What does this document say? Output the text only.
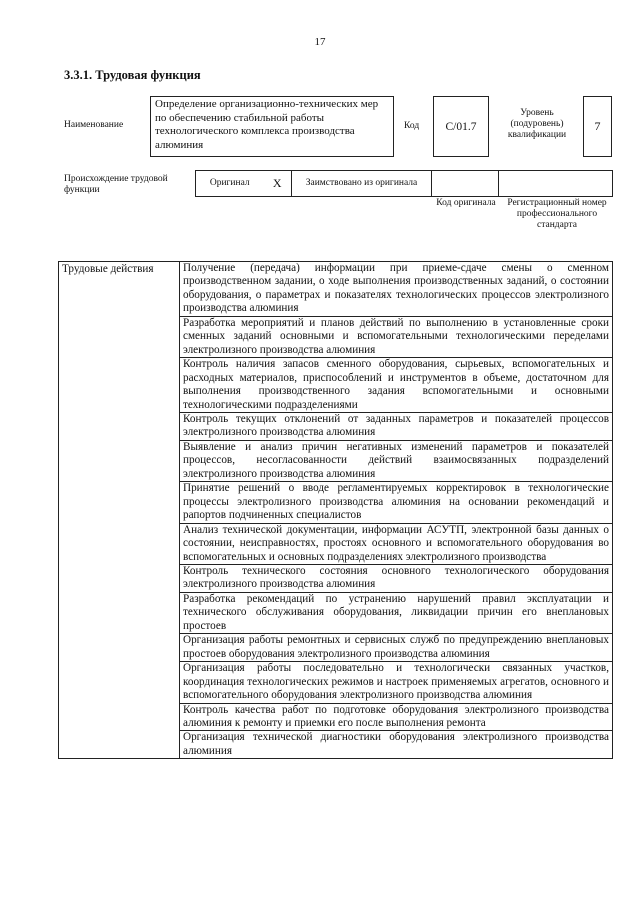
17
3.3.1. Трудовая функция
Наименование
Определение организационно-технических мер по обеспечению стабильной работы технологического комплекса производства алюминия
Код	С/01.7
Уровень (подуровень) квалификации
7
Происхождение трудовой функции
Оригинал	X	Заимствовано из оригинала		
Код оригинала	Регистрационный номер профессионального стандарта
Трудовые действия	Получение (передача) информации при приеме-сдаче смены о сменном производственном задании, о ходе выполнения производственных заданий, о состоянии оборудования, о параметрах и показателях технологических процессов электролизного производства алюминия
Разработка мероприятий и планов действий по выполнению в установленные сроки сменных заданий основными и вспомогательными технологическими переделами электролизного производства алюминия
Контроль наличия запасов сменного оборудования, сырьевых, вспомогательных и расходных материалов, приспособлений и инструментов в объеме, достаточном для выполнения производственного задания вспомогательными и основными технологическими подразделениями
Контроль текущих отклонений от заданных параметров и показателей процессов электролизного производства алюминия
Выявление и анализ причин негативных изменений параметров и показателей процессов, несогласованности действий взаимосвязанных подразделений электролизного производства алюминия
Принятие решений о вводе регламентируемых корректировок в технологические процессы электролизного производства алюминия на основании рекомендаций и рапортов подчиненных специалистов
Анализ технической документации, информации АСУТП, электронной базы данных о состоянии, неисправностях, простоях основного и вспомогательного оборудования во вспомогательных и основных подразделениях электролизного производства
Контроль технического состояния основного технологического оборудования электролизного производства алюминия
Разработка рекомендаций по устранению нарушений правил эксплуатации и технического обслуживания оборудования, ликвидации причин его внеплановых простоев
Организация работы ремонтных и сервисных служб по предупреждению внеплановых простоев оборудования электролизного производства алюминия
Организация работы последовательно и технологически связанных участков, координация технологических режимов и настроек применяемых агрегатов, основного и вспомогательного оборудования электролизного производства алюминия
Контроль качества работ по подготовке оборудования электролизного производства алюминия к ремонту и приемки его после выполнения ремонта
Организация технической диагностики оборудования электролизного производства алюминия
